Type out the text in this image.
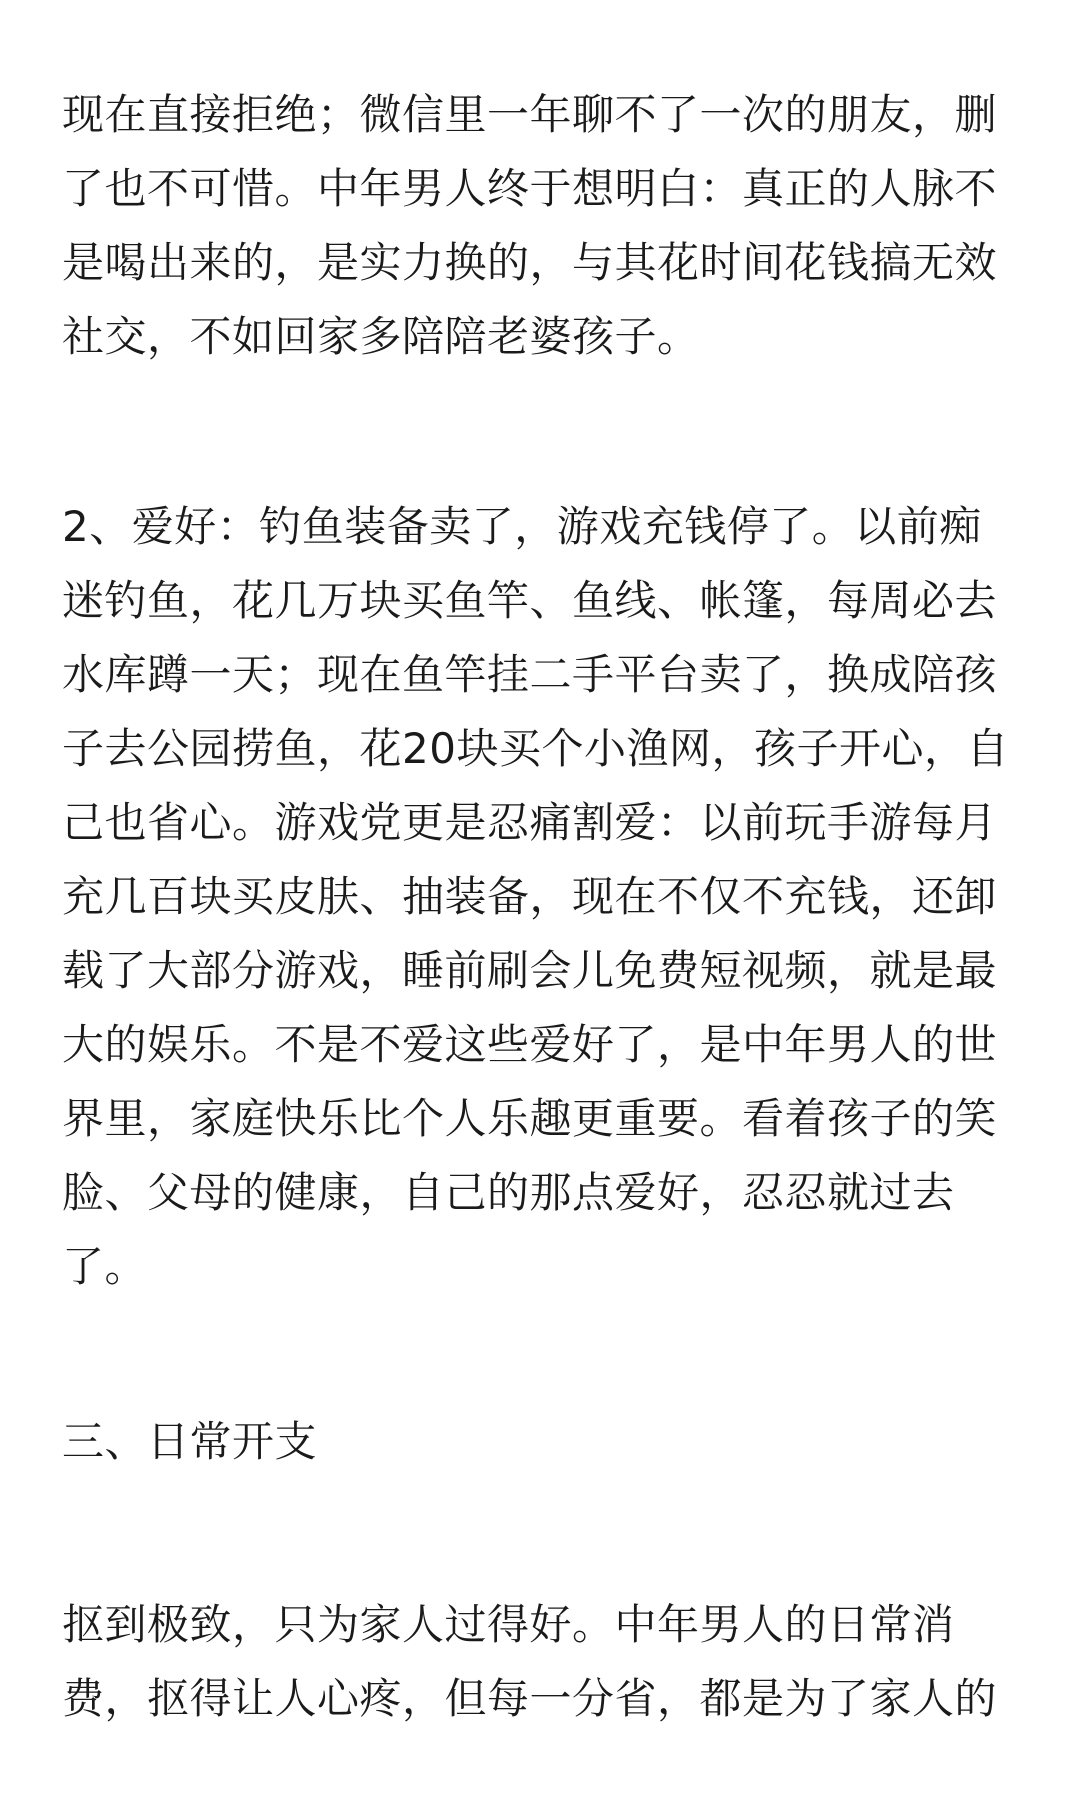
现在直接拒绝；微信里一年聊不了一次的朋友，删
了也不可惜。中年男人终于想明白：真正的人脉不
是喝出来的，是实力换的，与其花时间花钱搞无效
社交，不如回家多陪陪老婆孩子。

2、爱好：钓鱼装备卖了，游戏充钱停了。以前痴
迷钓鱼，花几万块买鱼竿、鱼线、帐篷，每周必去
水库蹲一天；现在鱼竿挂二手平台卖了，换成陪孩
子去公园捞鱼，花20块买个小渔网，孩子开心，自
己也省心。游戏党更是忍痛割爱：以前玩手游每月
充几百块买皮肤、抽装备，现在不仅不充钱，还卸
载了大部分游戏，睡前刷会儿免费短视频，就是最
大的娱乐。不是不爱这些爱好了，是中年男人的世
界里，家庭快乐比个人乐趣更重要。看着孩子的笑
脸、父母的健康，自己的那点爱好，忍忍就过去
了。

三、日常开支

抠到极致，只为家人过得好。中年男人的日常消
费，抠得让人心疼，但每一分省，都是为了家人的
